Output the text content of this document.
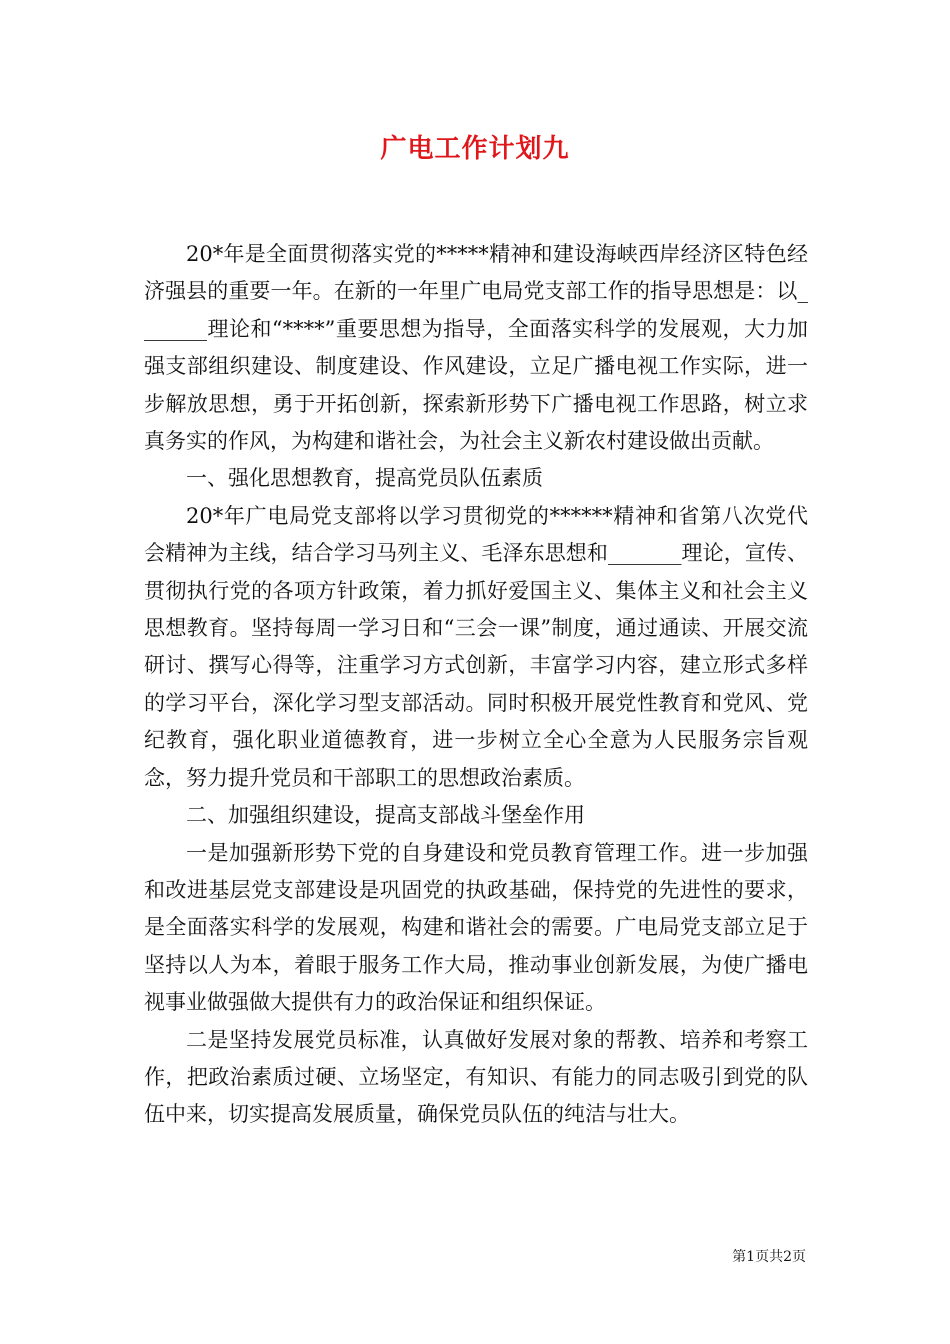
广电工作计划九

20*年是全面贯彻落实党的*****精神和建设海峡西岸经济区特色经济强县的重要一年。在新的一年里广电局党支部工作的指导思想是：以_______理论和“****”重要思想为指导，全面落实科学的发展观，大力加强支部组织建设、制度建设、作风建设，立足广播电视工作实际，进一步解放思想，勇于开拓创新，探索新形势下广播电视工作思路，树立求真务实的作风，为构建和谐社会，为社会主义新农村建设做出贡献。

一、强化思想教育，提高党员队伍素质

20*年广电局党支部将以学习贯彻党的******精神和省第八次党代会精神为主线，结合学习马列主义、毛泽东思想和_______理论，宣传、贯彻执行党的各项方针政策，着力抓好爱国主义、集体主义和社会主义思想教育。坚持每周一学习日和“三会一课”制度，通过通读、开展交流研讨、撰写心得等，注重学习方式创新，丰富学习内容，建立形式多样的学习平台，深化学习型支部活动。同时积极开展党性教育和党风、党纪教育，强化职业道德教育，进一步树立全心全意为人民服务宗旨观念，努力提升党员和干部职工的思想政治素质。

二、加强组织建设，提高支部战斗堡垒作用

一是加强新形势下党的自身建设和党员教育管理工作。进一步加强和改进基层党支部建设是巩固党的执政基础，保持党的先进性的要求，是全面落实科学的发展观，构建和谐社会的需要。广电局党支部立足于坚持以人为本，着眼于服务工作大局，推动事业创新发展，为使广播电视事业做强做大提供有力的政治保证和组织保证。

二是坚持发展党员标准，认真做好发展对象的帮教、培养和考察工作，把政治素质过硬、立场坚定，有知识、有能力的同志吸引到党的队伍中来，切实提高发展质量，确保党员队伍的纯洁与壮大。

第1页共2页
